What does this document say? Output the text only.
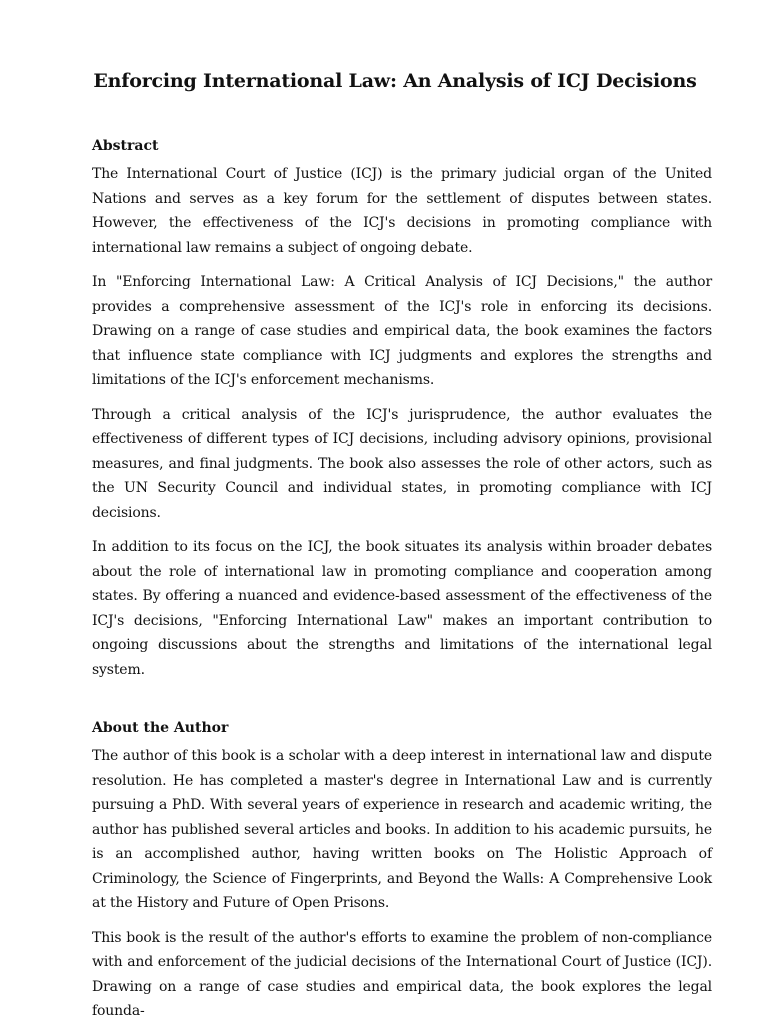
Enforcing International Law: An Analysis of ICJ Decisions
Abstract

The International Court of Justice (ICJ) is the primary judicial organ of the United Nations and serves as a key forum for the settlement of disputes between states. However, the effectiveness of the ICJ's decisions in promoting compliance with international law remains a subject of ongoing debate.

In "Enforcing International Law: A Critical Analysis of ICJ Decisions," the author provides a comprehensive assessment of the ICJ's role in enforcing its decisions. Drawing on a range of case studies and empirical data, the book examines the factors that influence state compliance with ICJ judgments and explores the strengths and limitations of the ICJ's enforcement mechanisms.

Through a critical analysis of the ICJ's jurisprudence, the author evaluates the effectiveness of different types of ICJ decisions, including advisory opinions, provisional measures, and final judgments. The book also assesses the role of other actors, such as the UN Security Council and individual states, in promoting compliance with ICJ decisions.

In addition to its focus on the ICJ, the book situates its analysis within broader debates about the role of international law in promoting compliance and cooperation among states. By offering a nuanced and evidence-based assessment of the effectiveness of the ICJ's decisions, "Enforcing International Law" makes an important contribution to ongoing discussions about the strengths and limitations of the international legal system.

About the Author

The author of this book is a scholar with a deep interest in international law and dispute resolution. He has completed a master's degree in International Law and is currently pursuing a PhD. With several years of experience in research and academic writing, the author has published several articles and books. In addition to his academic pursuits, he is an accomplished author, having written books on The Holistic Approach of Criminology, the Science of Fingerprints, and Beyond the Walls: A Comprehensive Look at the History and Future of Open Prisons.

This book is the result of the author's efforts to examine the problem of non-compliance with and enforcement of the judicial decisions of the International Court of Justice (ICJ). Drawing on a range of case studies and empirical data, the book explores the legal founda-
